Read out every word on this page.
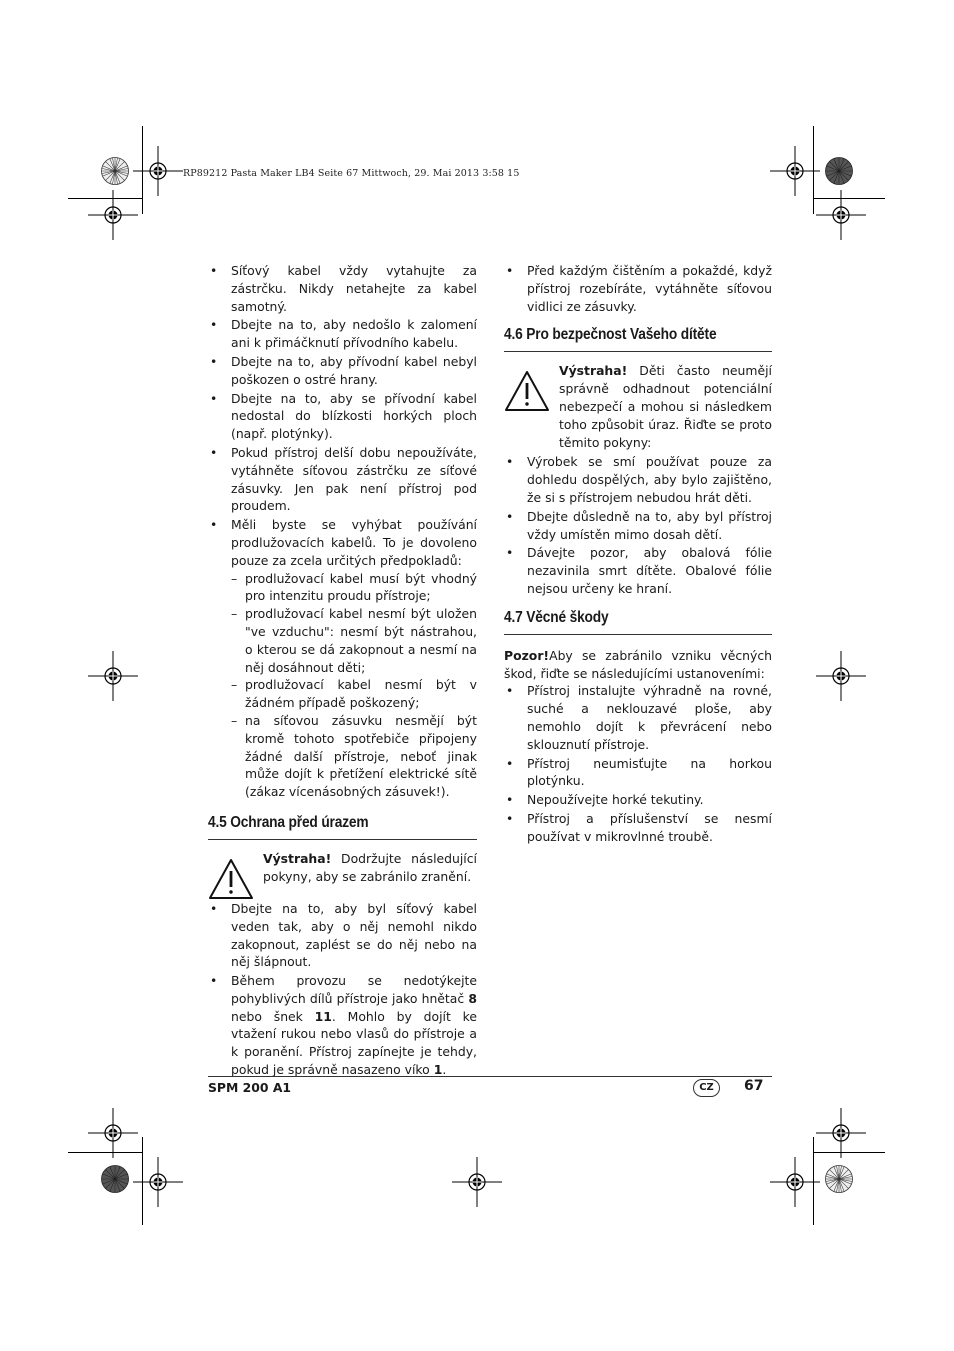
RP89212 Pasta Maker LB4 Seite 67 Mittwoch, 29. Mai 2013 3:58 15
• Síťový kabel vždy vytahujte za zástrčku. Nikdy netahejte za kabel samotný.
• Dbejte na to, aby nedošlo k zalomení ani k přimáčknutí přívodního kabelu.
• Dbejte na to, aby přívodní kabel nebyl poškozen o ostré hrany.
• Dbejte na to, aby se přívodní kabel nedostal do blízkosti horkých ploch (např. plotýnky).
• Pokud přístroj delší dobu nepoužíváte, vytáhněte síťovou zástrčku ze síťové zásuvky. Jen pak není přístroj pod proudem.
• Měli byste se vyhýbat používání prodlužovacích kabelů. To je dovoleno pouze za zcela určitých předpokladů:
– prodlužovací kabel musí být vhodný pro intenzitu proudu přístroje;
– prodlužovací kabel nesmí být uložen "ve vzduchu": nesmí být nástrahou, o kterou se dá zakopnout a nesmí na něj dosáhnout děti;
– prodlužovací kabel nesmí být v žádném případě poškozený;
– na síťovou zásuvku nesmějí být kromě tohoto spotřebiče připojeny žádné další přístroje, neboť jinak může dojít k přetížení elektrické sítě (zákaz vícenásobných zásuvek!).
4.5 Ochrana před úrazem
Výstraha! Dodržujte následující pokyny, aby se zabránilo zranění.
• Dbejte na to, aby byl síťový kabel veden tak, aby o něj nemohl nikdo zakopnout, zaplést se do něj nebo na něj šlápnout.
• Během provozu se nedotýkejte pohyblivých dílů přístroje jako hnětač 8 nebo šnek 11. Mohlo by dojít ke vtažení rukou nebo vlasů do přístroje a k poranění. Přístroj zapínejte je tehdy, pokud je správně nasazeno víko 1.
• Před každým čištěním a pokaždé, když přístroj rozebíráte, vytáhněte síťovou vidlici ze zásuvky.
4.6 Pro bezpečnost Vašeho dítěte
Výstraha! Děti často neumějí správně odhadnout potenciální nebezpečí a mohou si následkem toho způsobit úraz. Řiďte se proto těmito pokyny:
• Výrobek se smí používat pouze za dohledu dospělých, aby bylo zajištěno, že si s přístrojem nebudou hrát děti.
• Dbejte důsledně na to, aby byl přístroj vždy umístěn mimo dosah dětí.
• Dávejte pozor, aby obalová fólie nezavinila smrt dítěte. Obalové fólie nejsou určeny ke hraní.
4.7 Věcné škody

Pozor!Aby se zabránilo vzniku věcných škod, řiďte se následujícími ustanoveními:

• Přístroj instalujte výhradně na rovné, suché a neklouzavé ploše, aby nemohlo dojít k převrácení nebo sklouznutí přístroje.
• Přístroj neumisťujte na horkou plotýnku.
• Nepoužívejte horké tekutiny.
• Přístroj a příslušenství se nesmí používat v mikrovlnné troubě.
SPM 200 A1	CZ	67
